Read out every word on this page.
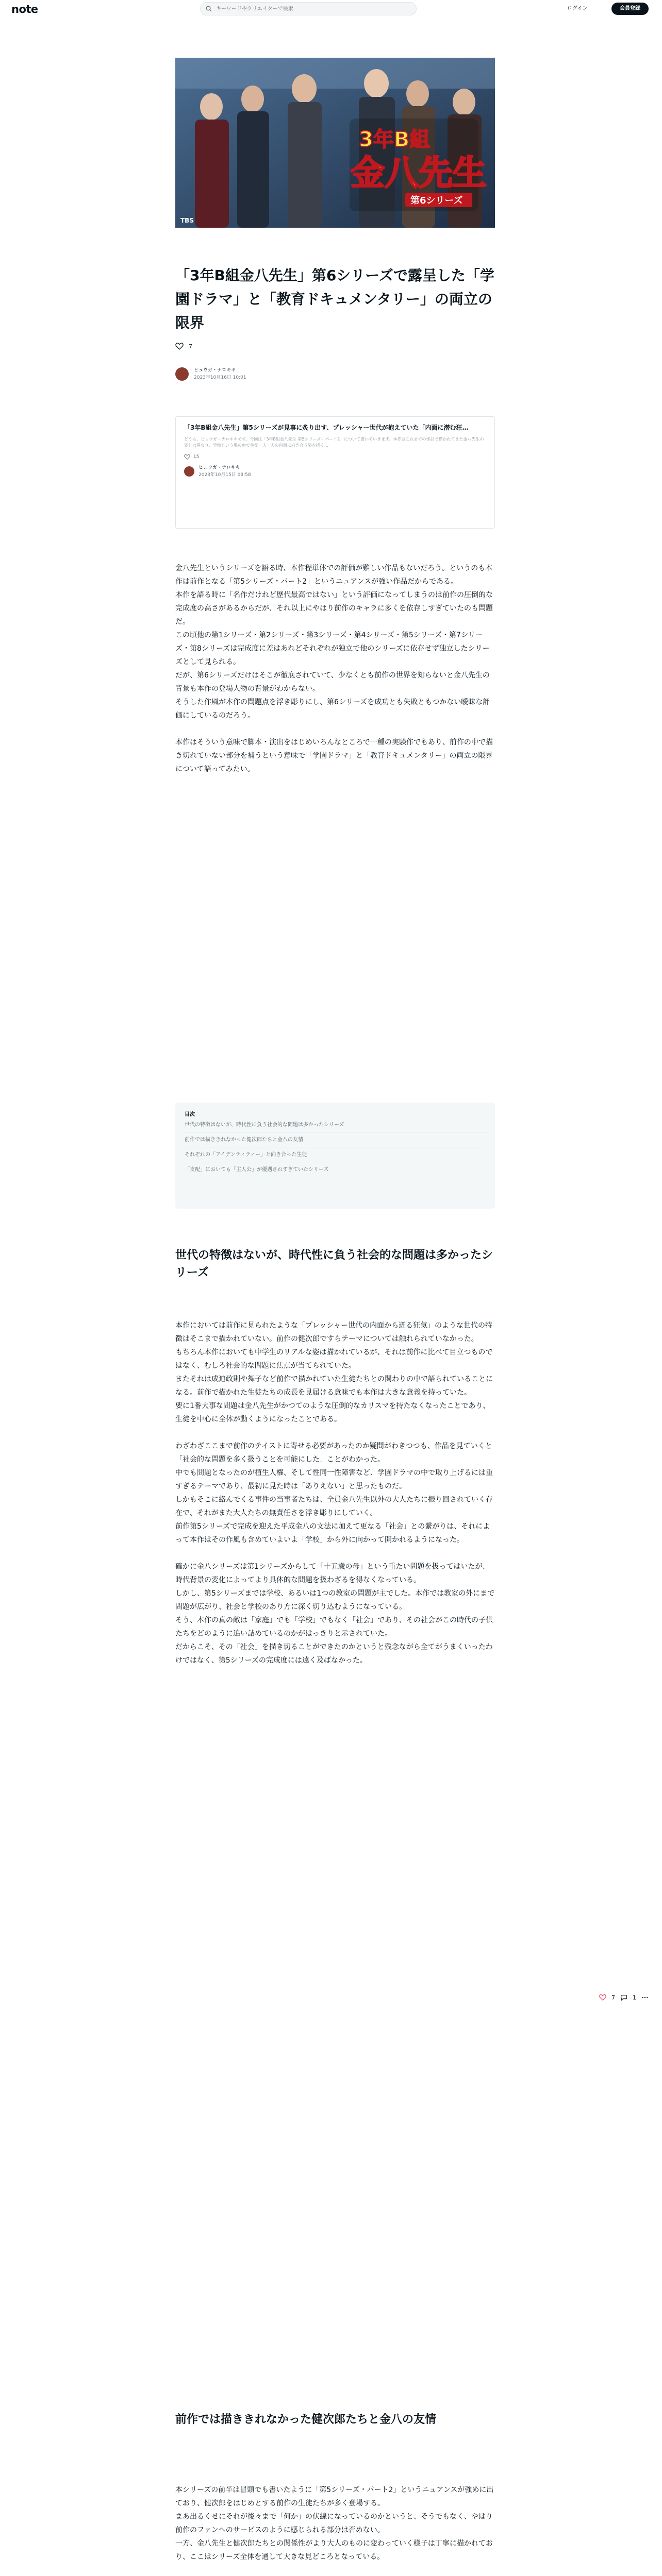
note
キーワードやクリエイターで検索	ログイン	会員登録
3年B組
金八先生
第6シリーズ
TBS
「3年B組金八先生」第6シリーズで露呈した「学園ドラマ」と「教育ドキュメンタリー」の両立の限界
7
ヒュウガ・ナロキキ
2023年10月16日 10:01
「3年B組金八先生」第5シリーズが見事に炙り出す、プレッシャー世代が抱えていた「内面に潜む狂…
どうも、ヒュウガ・ナロキキです。今回は「3年B組金八先生 第5シリーズ・パート2」について書いていきます。本作はこれまでの作品で描かれてきた金八先生の姿とは異なり、学校という場の中で生徒一人一人の内面に向き合う姿を描く…
15
ヒュウガ・ナロキキ
2023年10月15日 08:58

金八先生というシリーズを語る時、本作程単体での評価が難しい作品もないだろう。というのも本作は前作となる「第5シリーズ・パート2」というニュアンスが強い作品だからである。

本作を語る時に「名作だけれど歴代最高ではない」という評価になってしまうのは前作の圧倒的な完成度の高さがあるからだが、それ以上にやはり前作のキャラに多くを依存しすぎていたのも問題だ。

この頃他の第1シリーズ・第2シリーズ・第3シリーズ・第4シリーズ・第5シリーズ・第7シリーズ・第8シリーズは完成度に差はあれどそれぞれが独立で他のシリーズに依存せず独立したシリーズとして見られる。

だが、第6シリーズだけはそこが徹底されていて、少なくとも前作の世界を知らないと金八先生の背景も本作の登場人物の背景がわからない。

そうした作風が本作の問題点を浮き彫りにし、第6シリーズを成功とも失敗ともつかない曖昧な評価にしているのだろう。

本作はそういう意味で脚本・演出をはじめいろんなところで一種の実験作でもあり、前作の中で描き切れていない部分を補うという意味で「学園ドラマ」と「教育ドキュメンタリー」の両立の限界について語ってみたい。

目次
世代の特徴はないが、時代性に負う社会的な問題は多かったシリーズ
前作では描ききれなかった健次郎たちと金八の友情
それぞれの「アイデンティティー」と向き合った生徒
「支配」においても「主人公」が優遇されすぎていたシリーズ
世代の特徴はないが、時代性に負う社会的な問題は多かったシリーズ

本作においては前作に見られたような「プレッシャー世代の内面から迸る狂気」のような世代の特徴はそこまで描かれていない。前作の健次郎ですらテーマについては触れられていなかった。

もちろん本作においても中学生のリアルな姿は描かれているが、それは前作に比べて目立つものではなく、むしろ社会的な問題に焦点が当てられていた。

またそれは成迫政則や舞子など前作で描かれていた生徒たちとの関わりの中で語られていることになる。前作で描かれた生徒たちの成長を見届ける意味でも本作は大きな意義を持っていた。

要に1番大事な問題は金八先生がかつてのような圧倒的なカリスマを持たなくなったことであり、生徒を中心に全体が動くようになったことである。

わざわざここまで前作のテイストに寄せる必要があったのか疑問がわきつつも、作品を見ていくと「社会的な問題を多く扱うことを可能にした」ことがわかった。

中でも問題となったのが植生人権、そして性同一性障害など、学園ドラマの中で取り上げるには重すぎるテーマであり、最初に見た時は「ありえない」と思ったものだ。

しかもそこに絡んでくる事件の当事者たちは、全員金八先生以外の大人たちに振り回されていく存在で、それがまた大人たちの無責任さを浮き彫りにしていく。

前作第5シリーズで完成を迎えた平成金八の文法に加えて更なる「社会」との繋がりは、それによって本作はその作風も含めていよいよ「学校」から外に向かって開かれるようになった。

確かに金八シリーズは第1シリーズからして「十五歳の母」という重たい問題を扱ってはいたが、時代背景の変化によってより具体的な問題を扱わざるを得なくなっている。

しかし、第5シリーズまでは学校、あるいは1つの教室の問題が主でした。本作では教室の外にまで問題が広がり、社会と学校のあり方に深く切り込むようになっている。

そう、本作の真の敵は「家庭」でも「学校」でもなく「社会」であり、その社会がこの時代の子供たちをどのように追い詰めているのかがはっきりと示されていた。

だからこそ、その「社会」を描き切ることができたのかというと残念ながら全てがうまくいったわけではなく、第5シリーズの完成度には遠く及ばなかった。

7	1
前作では描ききれなかった健次郎たちと金八の友情

本シリーズの前半は冒頭でも書いたように「第5シリーズ・パート2」というニュアンスが強めに出ており、健次郎をはじめとする前作の生徒たちが多く登場する。

まあ出るくせにそれが後々まで「何か」の伏線になっているのかというと、そうでもなく、やはり前作のファンへのサービスのように感じられる部分は否めない。

一方、金八先生と健次郎たちとの関係性がより大人のものに変わっていく様子は丁寧に描かれており、ここはシリーズ全体を通して大きな見どころとなっている。
